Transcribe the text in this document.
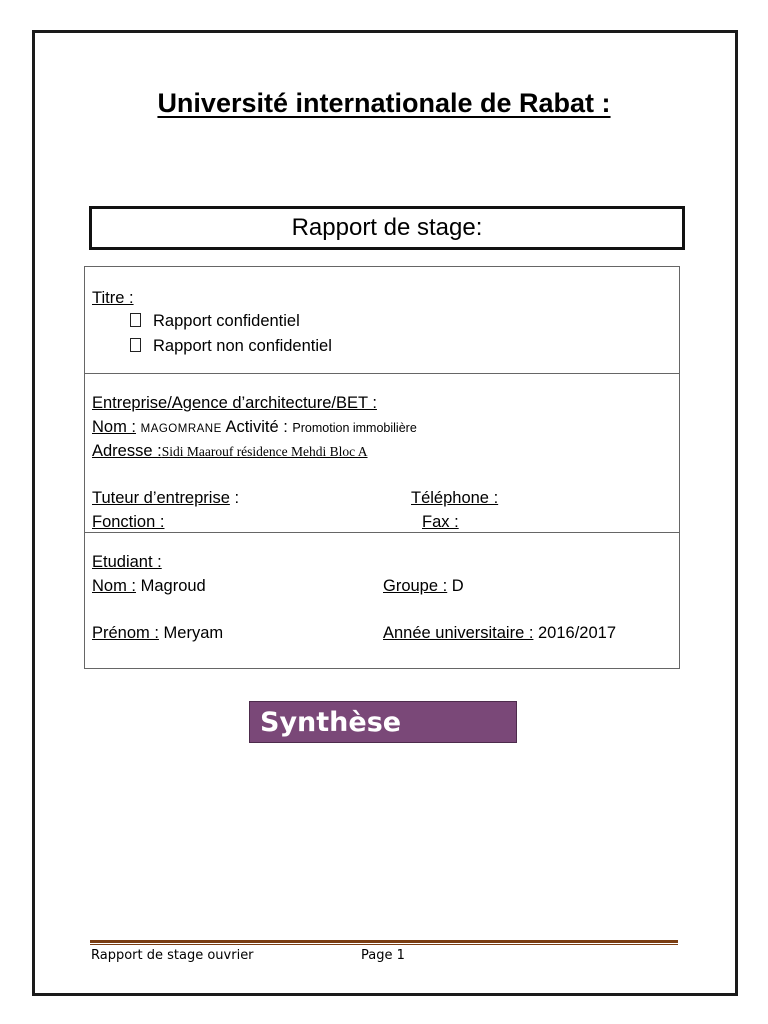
Université internationale de Rabat :
Rapport de stage:
Titre :
Rapport confidentiel
Rapport non confidentiel
Entreprise/Agence d’architecture/BET :
Nom : MAGOMRANE Activité : Promotion immobilière
Adresse :Sidi Maarouf résidence Mehdi Bloc A
Tuteur d’entreprise :	Téléphone :
Fonction :	Fax :
Etudiant :
Nom : Magroud	Groupe : D
Prénom : Meryam	Année universitaire : 2016/2017
Synthèse
Rapport de stage ouvrier	Page 1
